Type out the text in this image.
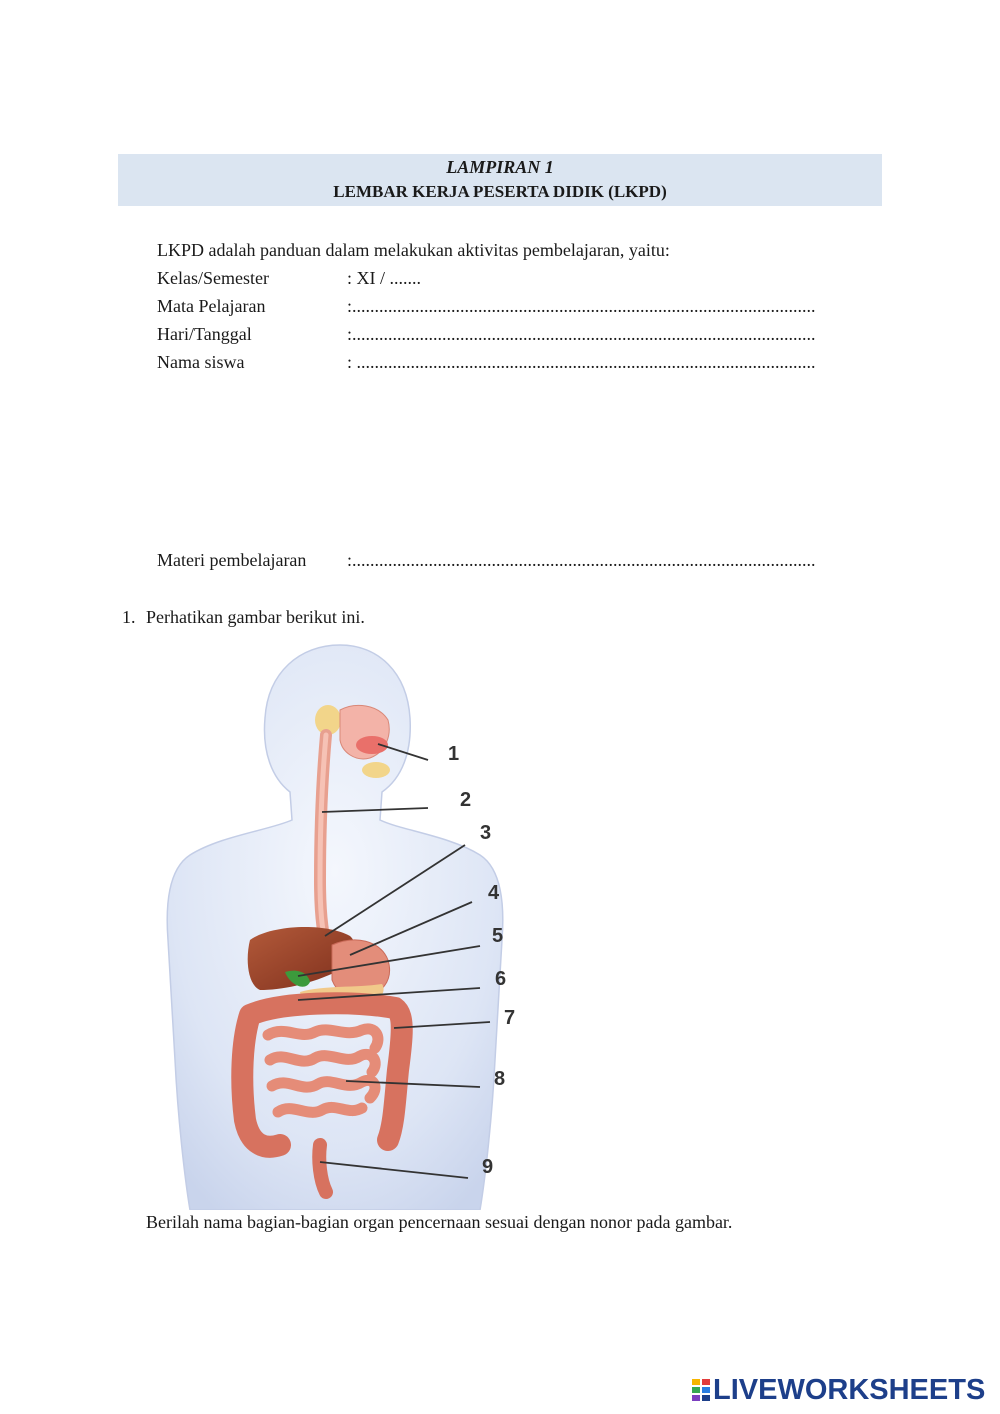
LAMPIRAN 1
LEMBAR KERJA PESERTA DIDIK (LKPD)
LKPD adalah panduan dalam melakukan aktivitas pembelajaran, yaitu:
Kelas/Semester	: XI / .......
Mata Pelajaran	:.......................................................................................................
Hari/Tanggal	:.......................................................................................................
Nama siswa	: ......................................................................................................
Materi pembelajaran :.......................................................................................................
1. Perhatikan gambar berikut ini.
1
2
3
4
5
6
7
8
9
Berilah nama bagian-bagian organ pencernaan sesuai dengan nonor pada gambar.
LIVEWORKSHEETS
